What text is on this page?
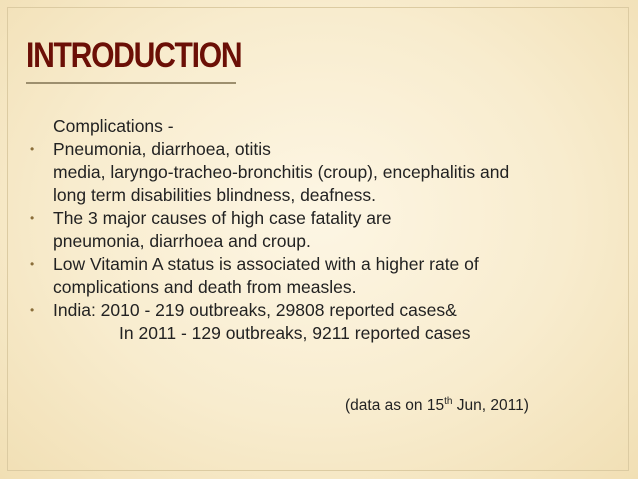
INTRODUCTION

Complications -

• Pneumonia, diarrhoea, otitis
media, laryngo-tracheo-bronchitis (croup), encephalitis and
long term disabilities blindness, deafness.

• The 3 major causes of high case fatality are
pneumonia, diarrhoea and croup.

• Low Vitamin A status is associated with a higher rate of
complications and death from measles.

• India: 2010 - 219 outbreaks, 29808 reported cases&

In 2011 - 129 outbreaks, 9211 reported cases

(data as on 15th Jun, 2011)
